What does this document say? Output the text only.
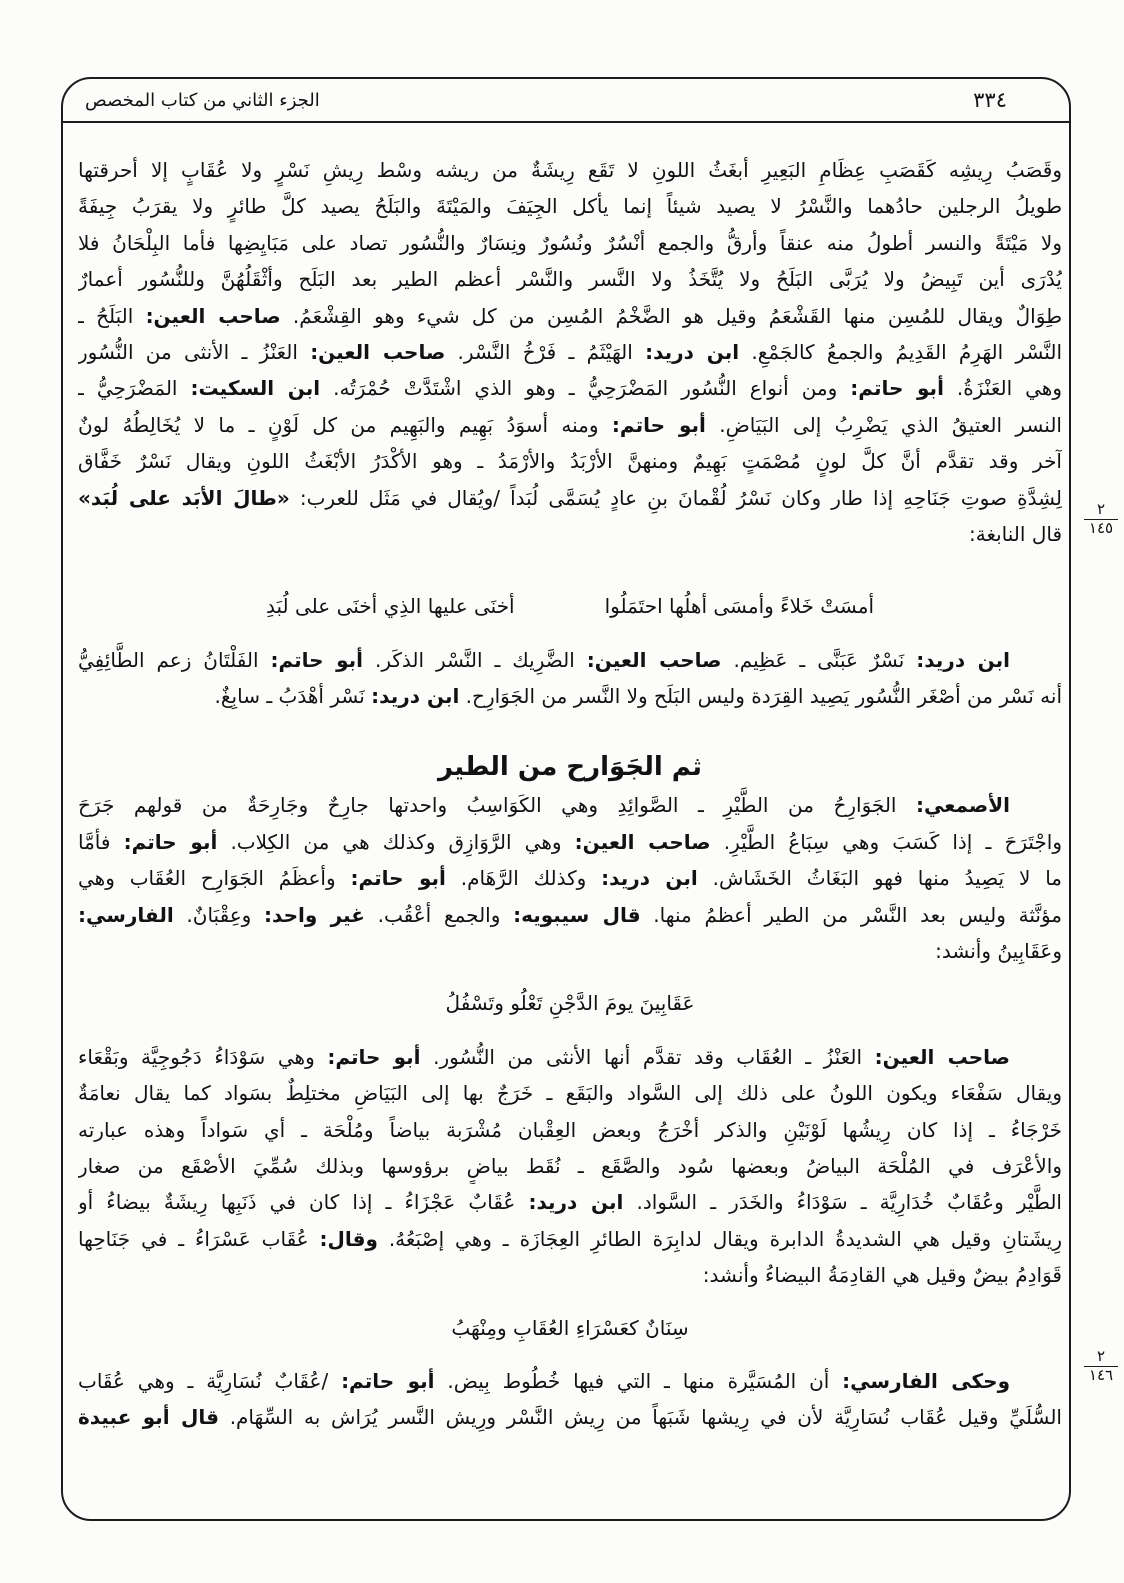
٣٣٤
الجزء الثاني من كتاب المخصص
وقَصَبُ رِيشِه كَقَصَبِ عِظَامِ البَعِيرِ أبغَثُ اللونِ لا تَقَع رِيشَةٌ من ريشه وسْط رِيشِ نَسْرٍ ولا عُقَابٍ إلا أحرقتها
طويلُ الرجلين حادُهما والنَّسْرُ لا يصيد شيئاً إنما يأكل الجِيَفَ والمَيْتَةَ والبَلَحُ يصيد كلَّ طائرٍ ولا يقرَبُ جِيفَةً
ولا مَيْتَةً والنسر أطولُ منه عنقاً وأرقُّ والجمع أنْسُرٌ ونُسُورٌ ونِسَارٌ والنُّسُور تصاد على مَبَايِضِها فأما البِلْحَانُ فلا
يُدْرَى أين تَبِيضُ ولا يُرَبَّى البَلَحُ ولا يُتَّخَذُ ولا النَّسر والنَّسْر أعظم الطير بعد البَلَح وأثْقَلُهُنَّ وللنُّسُور أعمارٌ
طِوَالٌ ويقال للمُسِن منها القَشْعَمُ وقيل هو الضَّخْمُ المُسِن من كل شيء وهو القِشْعَمُ. صاحب العين: البَلَحُ ـ
النَّسْر الهَرِمُ القَدِيمُ والجمعُ كالجَمْعِ. ابن دريد: الهَيْثَمُ ـ فَرْخُ النَّسْر. صاحب العين: العَنْزُ ـ الأنثى من النُّسُور
وهي العَنْزَةُ. أبو حاتم: ومن أنواع النُّسُور المَضْرَحِيُّ ـ وهو الذي اشْتَدَّتْ حُمْرَتُه. ابن السكيت: المَضْرَحِيُّ ـ
النسر العتيقُ الذي يَضْرِبُ إلى البَيَاضِ. أبو حاتم: ومنه أسوَدُ بَهِيم والبَهِيم من كل لَوْنٍ ـ ما لا يُخَالِطُهُ لونٌ
آخر وقد تقدَّم أنَّ كلَّ لونٍ مُصْمَتٍ بَهِيمٌ ومنهنَّ الأرْبَدُ والأرْمَدُ ـ وهو الأكْدَرُ الأبْغَثُ اللونِ ويقال نَسْرٌ خَفَّاق
لِشِدَّةِ صوتِ جَنَاحِهِ إذا طار وكان نَسْرُ لُقْمانَ بنِ عادٍ يُسَمَّى لُبَداً /ويُقال في مَثَل للعرب: «طالَ الأبَد على لُبَد»
قال النابغة:
٢
١٤٥
أمسَتْ خَلاءً وأمسَى أهلُها احتَمَلُوا
أخنَى عليها الذِي أخنَى على لُبَدِ
ابن دريد: نَسْرٌ عَبَنَّى ـ عَظِيم. صاحب العين: الضَّرِيك ـ النَّسْر الذكَر. أبو حاتم: الفَلْتَانُ زعم الطَّائِفِيُّ
أنه نَسْر من أصْغَر النُّسُور يَصِيد القِرَدة وليس البَلَح ولا النَّسر من الجَوَارِح. ابن دريد: نَسْر أهْدَبُ ـ سابِغٌ.
ثم الجَوَارح من الطير
الأصمعي: الجَوَارِحُ من الطَّيْرِ ـ الصَّوائِدِ وهي الكَوَاسِبُ واحدتها جارِحٌ وجَارِحَةٌ من قولهم جَرَحَ
واجْتَرَحَ ـ إذا كَسَبَ وهي سِبَاعُ الطَّيْرِ. صاحب العين: وهي الرَّوَازِق وكذلك هي من الكِلاب. أبو حاتم: فأمَّا
ما لا يَصِيدُ منها فهو البَغَاثُ الخَشَاش. ابن دريد: وكذلك الرَّهَام. أبو حاتم: وأعظَمُ الجَوَارِح العُقَاب وهي
مؤنَّثة وليس بعد النَّسْر من الطير أعظمُ منها. قال سيبويه: والجمع أعْقُب. غير واحد: وعِقْبَانٌ. الفارسي:
وعَقَابِينُ وأنشد:
عَقَابِينَ يومَ الدَّجْنِ تَعْلُو وتَسْفُلُ
صاحب العين: العَنْزُ ـ العُقَاب وقد تقدَّم أنها الأنثى من النُّسُور. أبو حاتم: وهي سَوْدَاءُ دَجُوجِيَّة وبَقْعَاء
ويقال سَفْعَاء ويكون اللونُ على ذلك إلى السَّواد والبَقَع ـ خَرَجٌ بها إلى البَيَاضِ مختلِطٌ بسَواد كما يقال نعامَةٌ
خَرْجَاءُ ـ إذا كان رِيشُها لَوْنَيْنِ والذكر أخْرَجُ وبعض العِقْبان مُشْرَبة بياضاً ومُلْحَة ـ أي سَواداً وهذه عبارته
والأعْرَف في المُلْحَة البياضُ وبعضها سُود والصَّقَع ـ نُقَط بياضٍ برؤوسها وبذلك سُمِّيَ الأصْقَع من صغار
الطَّيْر وعُقَابٌ خُدَارِيَّة ـ سَوْدَاءُ والخَدَر ـ السَّواد. ابن دريد: عُقَابٌ عَجْزَاءُ ـ إذا كان في ذَنَبِها رِيشَةٌ بيضاءُ أو
رِيشَتانِ وقيل هي الشديدةُ الدابرة ويقال لدابِرَة الطائرِ العِجَازَة ـ وهي إصْبَعُهُ. وقال: عُقَاب عَسْرَاءُ ـ في جَنَاحِها
قَوَادِمُ بيضٌ وقيل هي القادِمَةُ البيضاءُ وأنشد:
سِنَانٌ كعَسْرَاءِ العُقَابِ ومِنْهَبُ
وحكى الفارسي: أن المُسَيَّرة منها ـ التي فيها خُطُوط بِيض. أبو حاتم: /عُقَابٌ نُسَارِيَّة ـ وهي عُقَاب
٢
١٤٦
السُّلَيِّ وقيل عُقَاب نُسَارِيَّة لأن في رِيشها شَبَهاً من رِيش النَّسْر ورِيش النَّسر يُرَاش به السِّهَام. قال أبو عبيدة
